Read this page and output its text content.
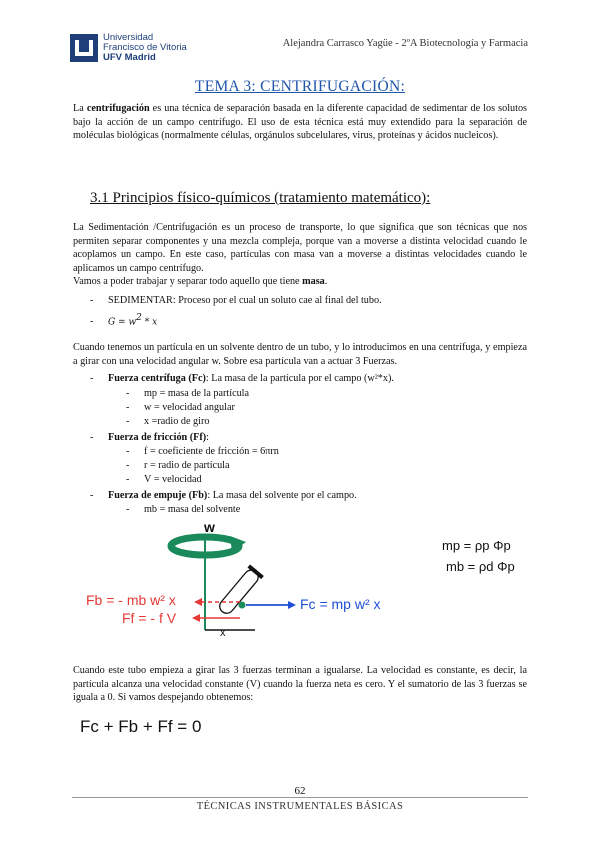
Universidad
Francisco de Vitoria
UFV Madrid
Alejandra Carrasco Yagüe - 2ºA Biotecnología y Farmacia
TEMA 3: CENTRIFUGACIÓN:
La centrifugación es una técnica de separación basada en la diferente capacidad de sedimentar de los solutos bajo la acción de un campo centrífugo. El uso de esta técnica está muy extendido para la separación de moléculas biológicas (normalmente células, orgánulos subcelulares, virus, proteínas y ácidos nucleicos).
3.1 Principios físico-químicos (tratamiento matemático):
La Sedimentación /Centrifugación es un proceso de transporte, lo que significa que son técnicas que nos permiten separar componentes y una mezcla compleja, porque van a moverse a distinta velocidad cuando le acoplamos un campo. En este caso, partículas con masa van a moverse a distintas velocidades cuando le aplicamos un campo centrífugo.
Vamos a poder trabajar y separar todo aquello que tiene masa.
- SEDIMENTAR: Proceso por el cual un soluto cae al final del tubo.
- $G = w^2 * x$
Cuando tenemos un partícula en un solvente dentro de un tubo, y lo introducimos en una centrífuga, y empieza a girar con una velocidad angular w. Sobre esa partícula van a actuar 3 Fuerzas.
- Fuerza centrífuga (Fc): La masa de la partícula por el campo (w²*x).
- mp = masa de la partícula
- w = velocidad angular
- x =radio de giro
- Fuerza de fricción (Ff):
- f = coeficiente de fricción = 6πrn
- r = radio de partícula
- V = velocidad
- Fuerza de empuje (Fb): La masa del solvente por el campo.
- mb = masa del solvente
w
x
Fb = - mb w² x
Ff = - f V
Fc = mp w² x
mp = ρp Φp
mb = ρd Φp
Cuando este tubo empieza a girar las 3 fuerzas terminan a igualarse. La velocidad es constante, es decir, la partícula alcanza una velocidad constante (V) cuando la fuerza neta es cero. Y el sumatorio de las 3 fuerzas se iguala a 0. Si vamos despejando obtenemos:
Fc + Fb + Ff = 0
62
TÉCNICAS INSTRUMENTALES BÁSICAS
